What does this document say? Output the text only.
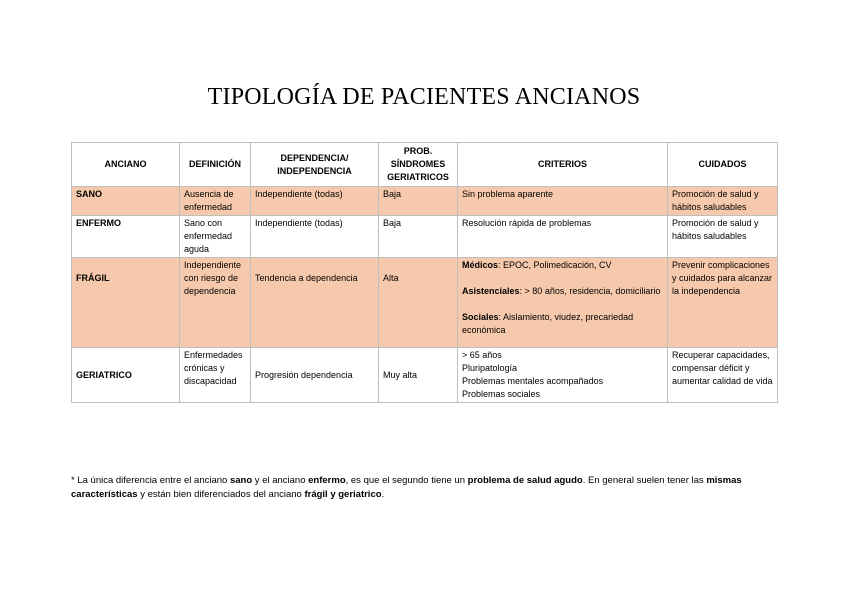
TIPOLOGÍA DE PACIENTES ANCIANOS
ANCIANO	DEFINICIÓN	DEPENDENCIA/ INDEPENDENCIA	PROB. SÍNDROMES GERIATRICOS	CRITERIOS	CUIDADOS
SANO	Ausencia de enfermedad	Independiente (todas)	Baja	Sin problema aparente	Promoción de salud y hábitos saludables
ENFERMO	Sano con enfermedad aguda	Independiente (todas)	Baja	Resolución rápida de problemas	Promoción de salud y hábitos saludables
FRÁGIL	Independiente con riesgo de dependencia	Tendencia a dependencia	Alta	Médicos: EPOC, Polimedicación, CV
Asistenciales: > 80 años, residencia, domiciliario
Sociales: Aislamiento, viudez, precariedad económica	Prevenir complicaciones y cuidados para alcanzar la independencia
GERIATRICO	Enfermedades crónicas y discapacidad	Progresión dependencia	Muy alta	> 65 años
Pluripatología
Problemas mentales acompañados
Problemas sociales	Recuperar capacidades, compensar déficit y aumentar calidad de vida
* La única diferencia entre el anciano sano y el anciano enfermo, es que el segundo tiene un problema de salud agudo. En general suelen tener las mismas características y están bien diferenciados del anciano frágil y geriatrico.
